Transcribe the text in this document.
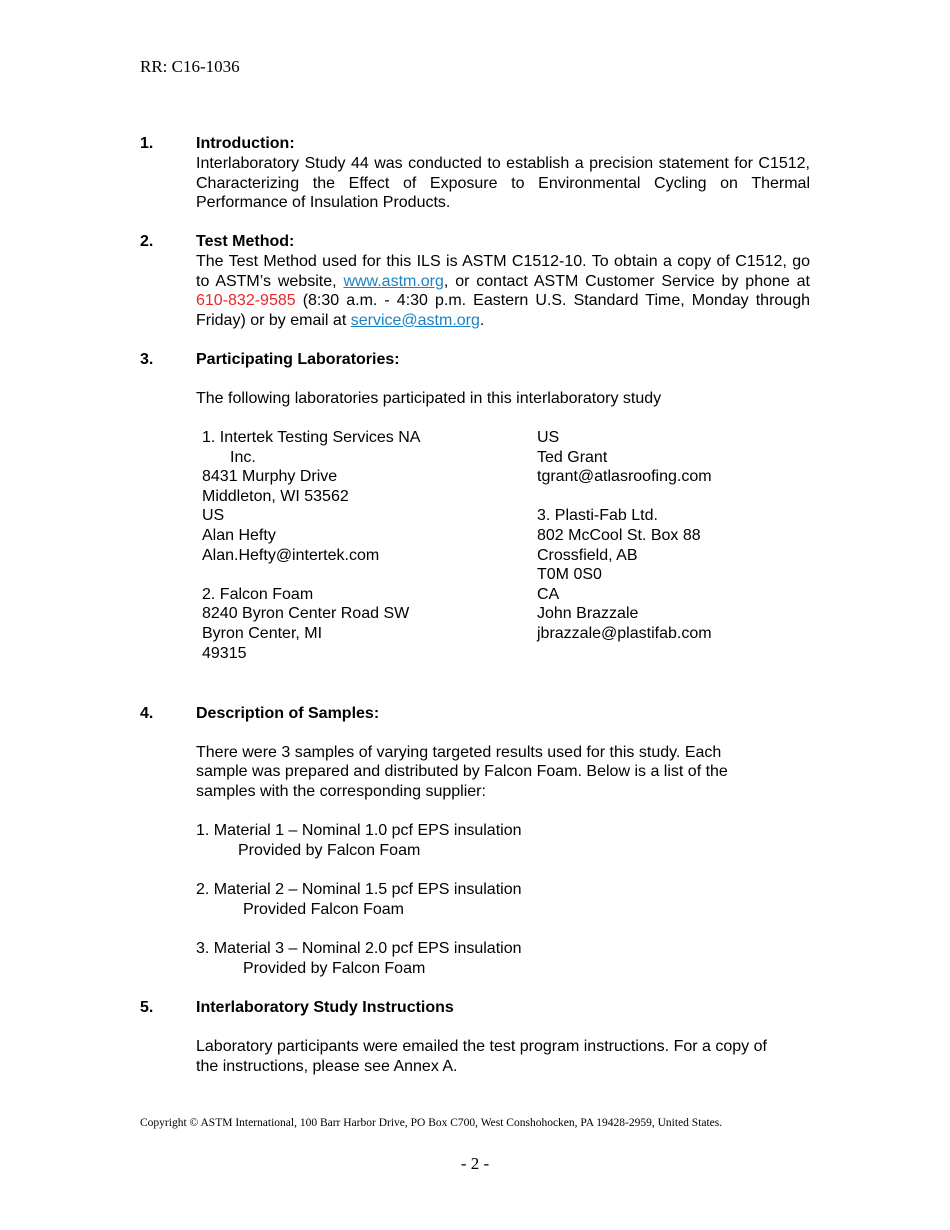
RR: C16-1036
1.	Introduction:
Interlaboratory Study 44 was conducted to establish a precision statement for C1512, Characterizing the Effect of Exposure to Environmental Cycling on Thermal Performance of Insulation Products.
2.	Test Method:
The Test Method used for this ILS is ASTM C1512-10. To obtain a copy of C1512, go to ASTM’s website, www.astm.org, or contact ASTM Customer Service by phone at 610-832-9585 (8:30 a.m. - 4:30 p.m. Eastern U.S. Standard Time, Monday through Friday) or by email at service@astm.org.
3.	Participating Laboratories:
The following laboratories participated in this interlaboratory study
1. Intertek Testing Services NA
Inc.
8431 Murphy Drive
Middleton, WI 53562
US
Alan Hefty
Alan.Hefty@intertek.com
2. Falcon Foam
8240 Byron Center Road SW
Byron Center, MI
49315
US
Ted Grant
tgrant@atlasroofing.com
3. Plasti-Fab Ltd.
802 McCool St. Box 88
Crossfield, AB
T0M 0S0
CA
John Brazzale
jbrazzale@plastifab.com
4.	Description of Samples:
There were 3 samples of varying targeted results used for this study. Each
sample was prepared and distributed by Falcon Foam. Below is a list of the
samples with the corresponding supplier:
1. Material 1 – Nominal 1.0 pcf EPS insulation
Provided by Falcon Foam
2. Material 2 – Nominal 1.5 pcf EPS insulation
Provided Falcon Foam
3. Material 3 – Nominal 2.0 pcf EPS insulation
Provided by Falcon Foam
5.	Interlaboratory Study Instructions
Laboratory participants were emailed the test program instructions. For a copy of
the instructions, please see Annex A.
Copyright © ASTM International, 100 Barr Harbor Drive, PO Box C700, West Conshohocken, PA 19428-2959, United States.
- 2 -
